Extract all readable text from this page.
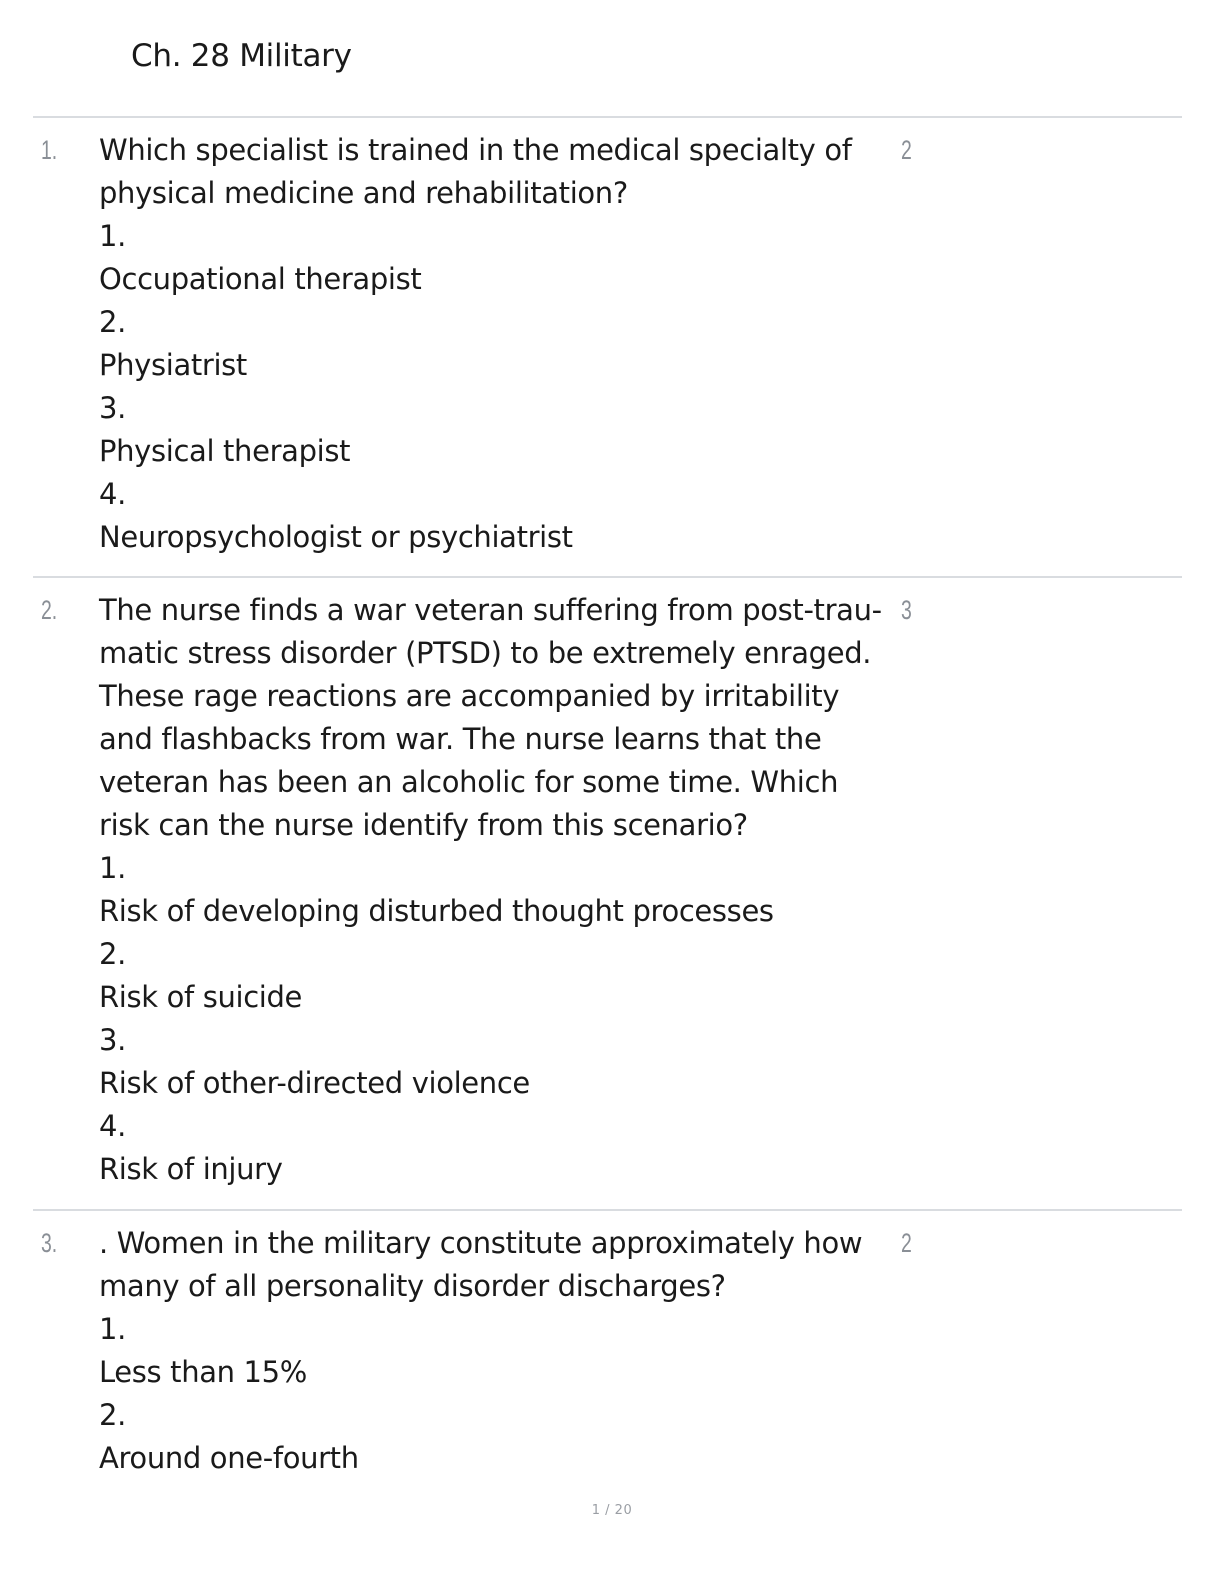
Ch. 28 Military
1. Which specialist is trained in the medical specialty of
physical medicine and rehabilitation?
1.
Occupational therapist
2.
Physiatrist
3.
Physical therapist
4.
Neuropsychologist or psychiatrist
2
2. The nurse finds a war veteran suffering from post-trau-
matic stress disorder (PTSD) to be extremely enraged.
These rage reactions are accompanied by irritability
and flashbacks from war. The nurse learns that the
veteran has been an alcoholic for some time. Which
risk can the nurse identify from this scenario?
1.
Risk of developing disturbed thought processes
2.
Risk of suicide
3.
Risk of other-directed violence
4.
Risk of injury
3
3. . Women in the military constitute approximately how
many of all personality disorder discharges?
1.
Less than 15%
2.
Around one-fourth
2
1 / 20
